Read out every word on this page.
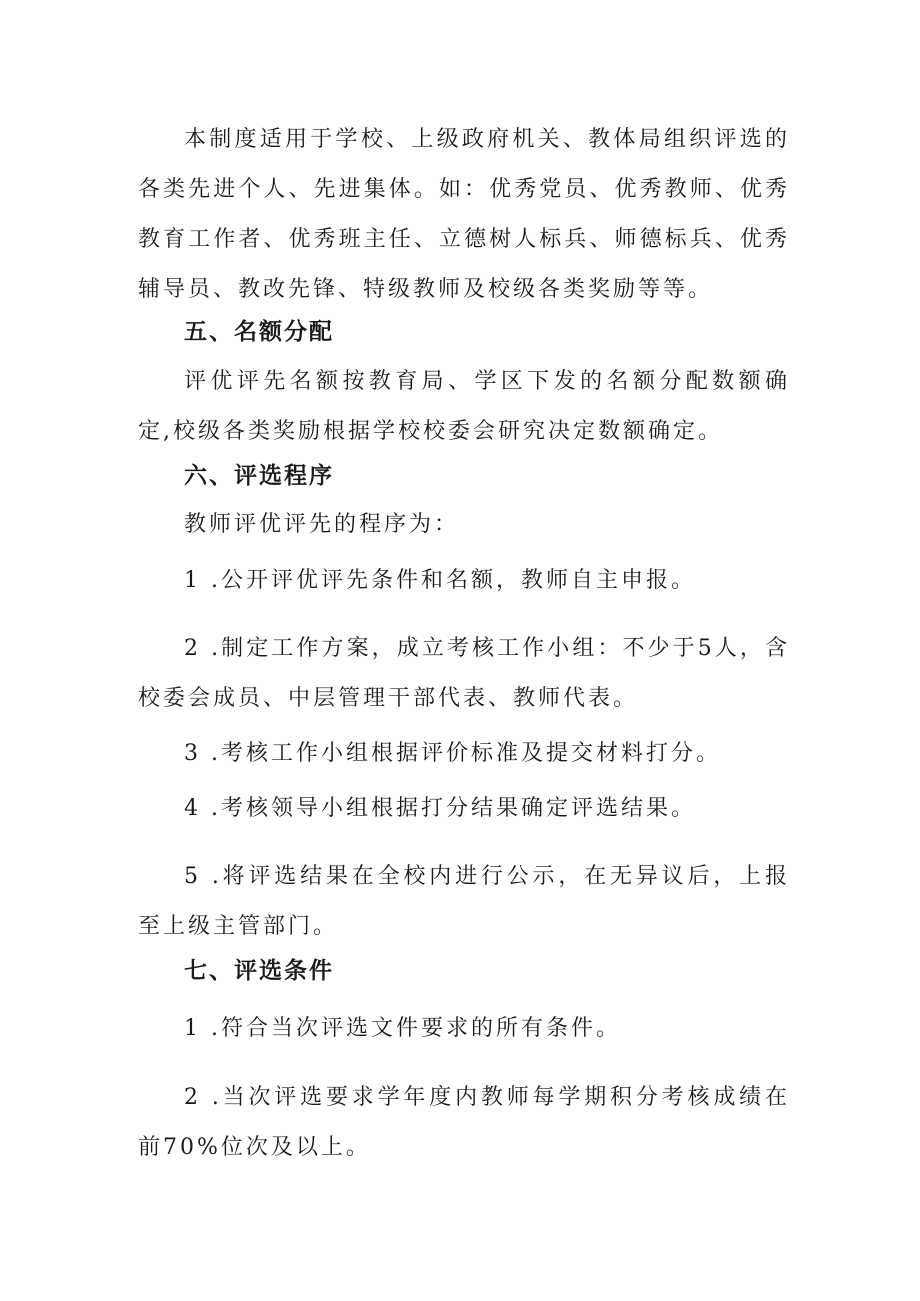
本制度适用于学校、上级政府机关、教体局组织评选的各类先进个人、先进集体。如：优秀党员、优秀教师、优秀教育工作者、优秀班主任、立德树人标兵、师德标兵、优秀辅导员、教改先锋、特级教师及校级各类奖励等等。

五、名额分配

评优评先名额按教育局、学区下发的名额分配数额确定,校级各类奖励根据学校校委会研究决定数额确定。

六、评选程序

教师评优评先的程序为：

1 .公开评优评先条件和名额，教师自主申报。

2 .制定工作方案，成立考核工作小组：不少于5人，含校委会成员、中层管理干部代表、教师代表。

3 .考核工作小组根据评价标准及提交材料打分。

4 .考核领导小组根据打分结果确定评选结果。

5 .将评选结果在全校内进行公示，在无异议后，上报至上级主管部门。

七、评选条件

1 .符合当次评选文件要求的所有条件。

2 .当次评选要求学年度内教师每学期积分考核成绩在前70%位次及以上。
